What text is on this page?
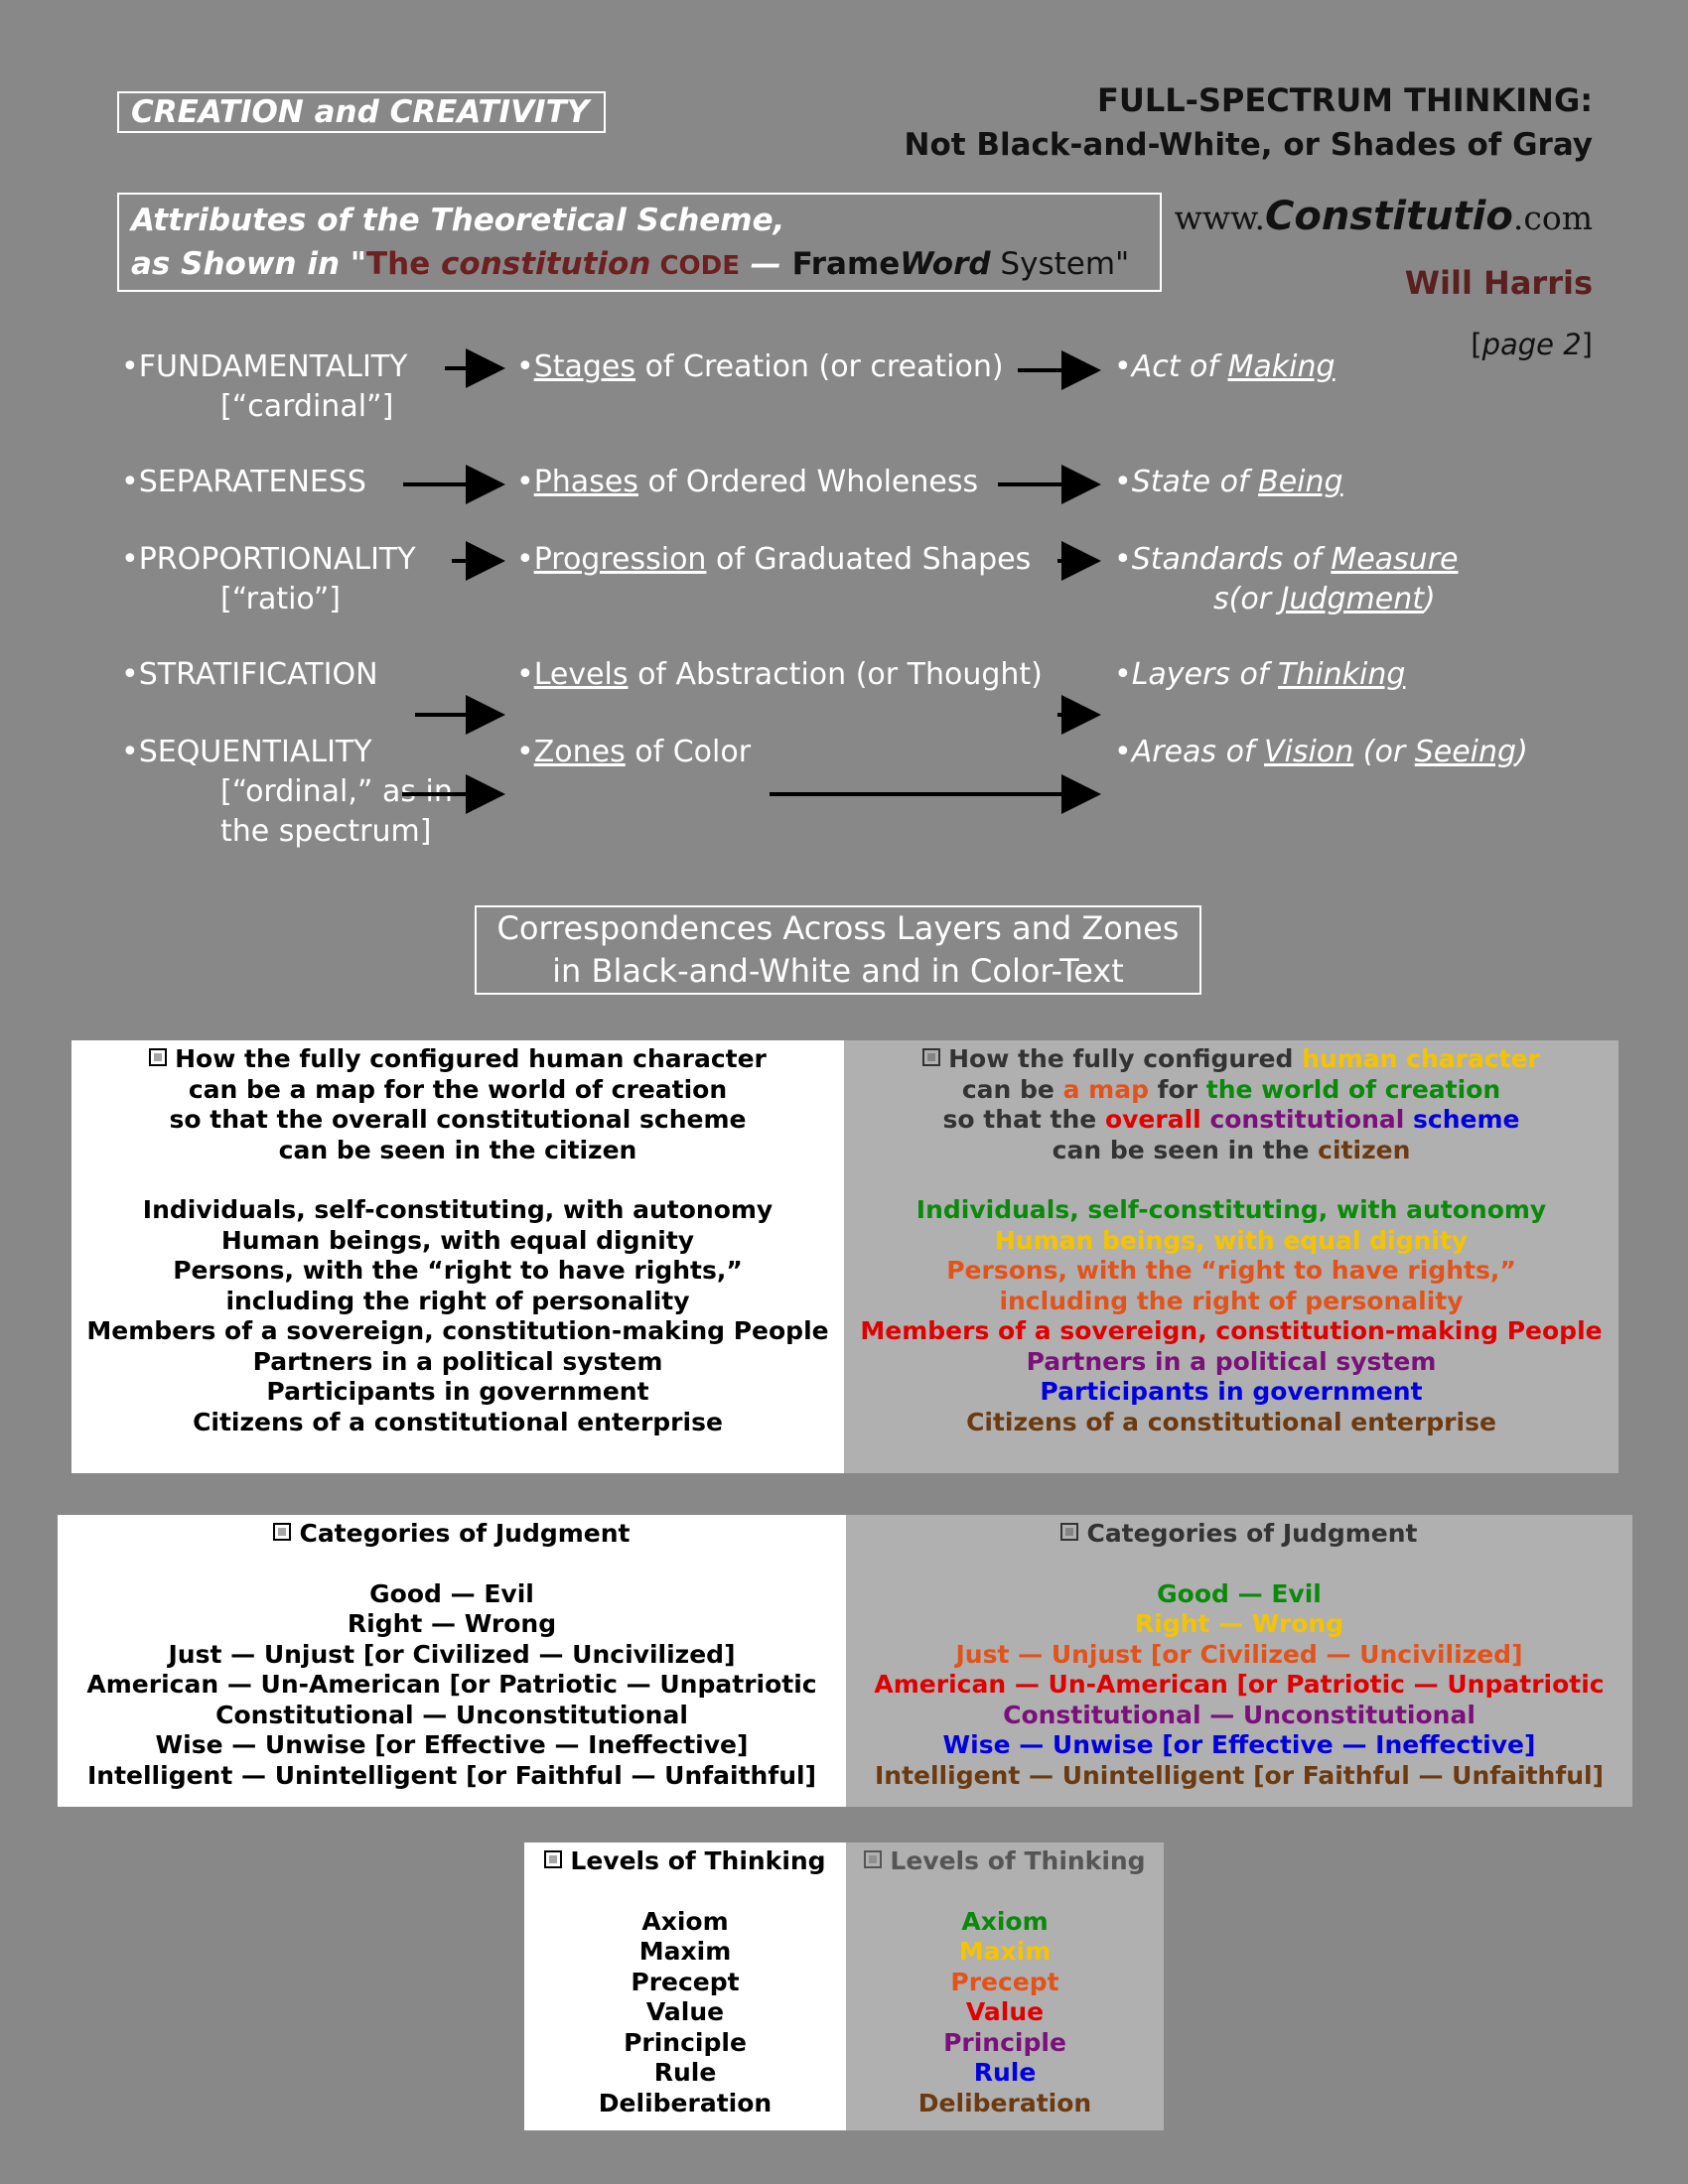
CREATION and CREATIVITY	FULL-SPECTRUM THINKING:
Not Black-and-White, or Shades of Gray
www.Constitutio.com
Will Harris
[page 2]
Attributes of the Theoretical Scheme,
as Shown in "The constitution CODE — FrameWord System"
•FUNDAMENTALITY
[“cardinal”]
•Stages of Creation (or creation)	•Act of Making
•SEPARATENESS	•Phases of Ordered Wholeness	•State of Being
•PROPORTIONALITY
[“ratio”]
•Progression of Graduated Shapes	•Standards of Measure
s(or Judgment)
•STRATIFICATION	•Levels of Abstraction (or Thought) •Layers of Thinking
•SEQUENTIALITY
[“ordinal,” as in
the spectrum]
•Zones of Color	•Areas of Vision (or Seeing)
Correspondences Across Layers and Zones
in Black-and-White and in Color-Text
How the fully configured human character
can be a map for the world of creation
so that the overall constitutional scheme
can be seen in the citizen
Individuals, self-constituting, with autonomy
Human beings, with equal dignity
Persons, with the “right to have rights,”
including the right of personality
Members of a sovereign, constitution-making People
Partners in a political system
Participants in government
Citizens of a constitutional enterprise
How the fully configured human character
can be a map for the world of creation
so that the overall constitutional scheme
can be seen in the citizen
Individuals, self-constituting, with autonomy
Human beings, with equal dignity
Persons, with the “right to have rights,”
including the right of personality
Members of a sovereign, constitution-making People
Partners in a political system
Participants in government
Citizens of a constitutional enterprise
Categories of Judgment
Good — Evil
Right — Wrong
Just — Unjust [or Civilized — Uncivilized]
American — Un-American [or Patriotic — Unpatriotic
Constitutional — Unconstitutional
Wise — Unwise [or Effective — Ineffective]
Intelligent — Unintelligent [or Faithful — Unfaithful]
Categories of Judgment
Good — Evil
Right — Wrong
Just — Unjust [or Civilized — Uncivilized]
American — Un-American [or Patriotic — Unpatriotic
Constitutional — Unconstitutional
Wise — Unwise [or Effective — Ineffective]
Intelligent — Unintelligent [or Faithful — Unfaithful]
Levels of Thinking
Axiom
Maxim
Precept
Value
Principle
Rule
Deliberation
Levels of Thinking
Axiom
Maxim
Precept
Value
Principle
Rule
Deliberation
